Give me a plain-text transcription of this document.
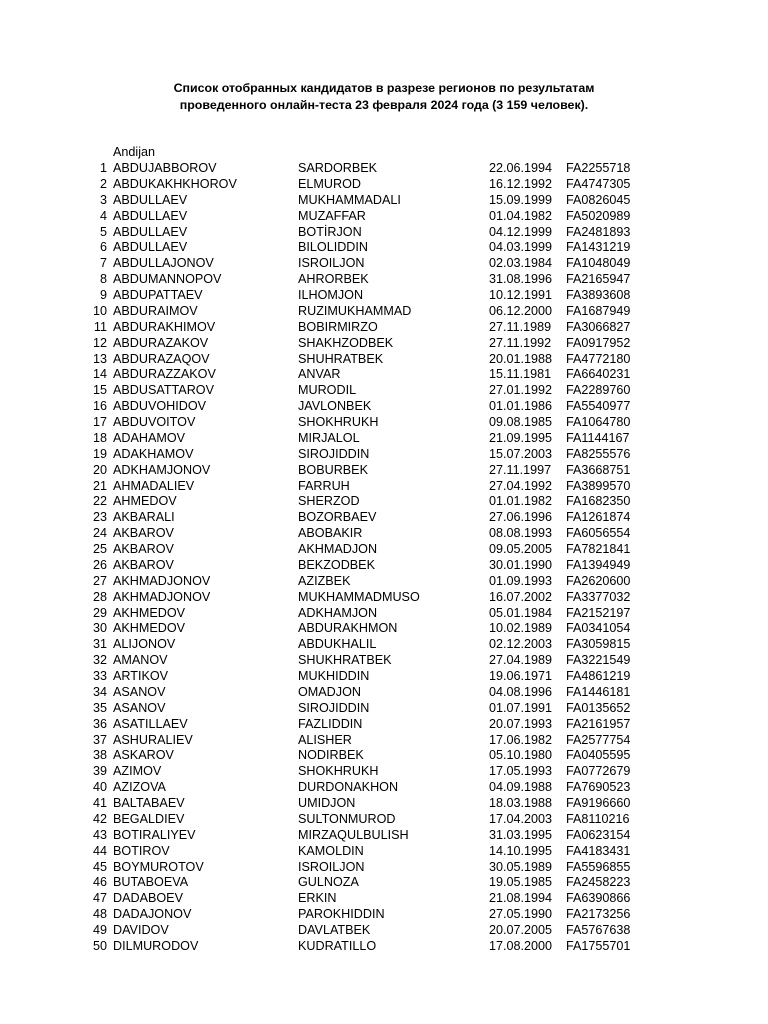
Список отобранных кандидатов в разрезе регионов по результатам
проведенного онлайн-теста 23 февраля 2024 года (3 159 человек).
Andijan
1 ABDUJABBOROV	SARDORBEK	22.06.1994 FA2255718
2 ABDUKAKHKHOROV	ELMUROD	16.12.1992 FA4747305
3 ABDULLAEV	MUKHAMMADALI	15.09.1999 FA0826045
4 ABDULLAEV	MUZAFFAR	01.04.1982 FA5020989
5 ABDULLAEV	BOTİRJON	04.12.1999 FA2481893
6 ABDULLAEV	BILOLIDDIN	04.03.1999 FA1431219
7 ABDULLAJONOV	ISROILJON	02.03.1984 FA1048049
8 ABDUMANNOPOV	AHRORBEK	31.08.1996 FA2165947
9 ABDUPATTAEV	ILHOMJON	10.12.1991 FA3893608
10 ABDURAIMOV	RUZIMUKHAMMAD	06.12.2000 FA1687949
11 ABDURAKHIMOV	BOBIRMIRZO	27.11.1989 FA3066827
12 ABDURAZAKOV	SHAKHZODBEK	27.11.1992 FA0917952
13 ABDURAZAQOV	SHUHRATBEK	20.01.1988 FA4772180
14 ABDURAZZAKOV	ANVAR	15.11.1981 FA6640231
15 ABDUSATTAROV	MURODIL	27.01.1992 FA2289760
16 ABDUVOHIDOV	JAVLONBEK	01.01.1986 FA5540977
17 ABDUVOITOV	SHOKHRUKH	09.08.1985 FA1064780
18 ADAHAMOV	MIRJALOL	21.09.1995 FA1144167
19 ADAKHAMOV	SIROJIDDIN	15.07.2003 FA8255576
20 ADKHAMJONOV	BOBURBEK	27.11.1997 FA3668751
21 AHMADALIEV	FARRUH	27.04.1992 FA3899570
22 AHMEDOV	SHERZOD	01.01.1982 FA1682350
23 AKBARALI	BOZORBAEV	27.06.1996 FA1261874
24 AKBAROV	ABOBAKIR	08.08.1993 FA6056554
25 AKBAROV	AKHMADJON	09.05.2005 FA7821841
26 AKBAROV	BEKZODBEK	30.01.1990 FA1394949
27 AKHMADJONOV	AZIZBEK	01.09.1993 FA2620600
28 AKHMADJONOV	MUKHAMMADMUSO	16.07.2002 FA3377032
29 AKHMEDOV	ADKHAMJON	05.01.1984 FA2152197
30 AKHMEDOV	ABDURAKHMON	10.02.1989 FA0341054
31 ALIJONOV	ABDUKHALIL	02.12.2003 FA3059815
32 AMANOV	SHUKHRATBEK	27.04.1989 FA3221549
33 ARTIKOV	MUKHIDDIN	19.06.1971 FA4861219
34 ASANOV	OMADJON	04.08.1996 FA1446181
35 ASANOV	SIROJIDDIN	01.07.1991 FA0135652
36 ASATILLAEV	FAZLIDDIN	20.07.1993 FA2161957
37 ASHURALIEV	ALISHER	17.06.1982 FA2577754
38 ASKAROV	NODIRBEK	05.10.1980 FA0405595
39 AZIMOV	SHOKHRUKH	17.05.1993 FA0772679
40 AZIZOVA	DURDONAKHON	04.09.1988 FA7690523
41 BALTABAEV	UMIDJON	18.03.1988 FA9196660
42 BEGALDIEV	SULTONMUROD	17.04.2003 FA8110216
43 BOTIRALIYEV	MIRZAQULBULISH	31.03.1995 FA0623154
44 BOTIROV	KAMOLDIN	14.10.1995 FA4183431
45 BOYMUROTOV	ISROILJON	30.05.1989 FA5596855
46 BUTABOEVA	GULNOZA	19.05.1985 FA2458223
47 DADABOEV	ERKIN	21.08.1994 FA6390866
48 DADAJONOV	PAROKHIDDIN	27.05.1990 FA2173256
49 DAVIDOV	DAVLATBEK	20.07.2005 FA5767638
50 DILMURODOV	KUDRATILLO	17.08.2000 FA1755701
